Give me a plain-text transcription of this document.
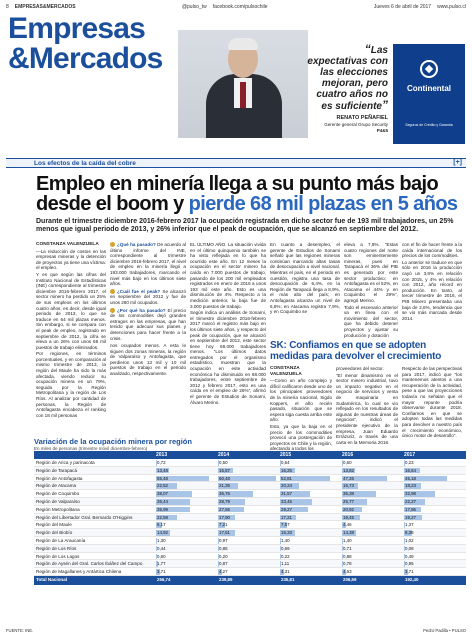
8 EMPRESAS&MERCADOS	@pulso_tw facebook.com/pulsochile	Jueves 6 de abril de 2017 www.pulso.cl
Empresas
&Mercados	“Las expectativas con las elecciones mejoran, pero cuatro años no es suficiente”
RENATO PEÑAFIEL
Gerente general Grupo Security
P4&5
Continental
Seguros de Crédito y Garantía
Los efectos de la caída del cobre	[+]
Empleo en minería llega a su punto más bajo desde el boom y pierde 68 mil plazas en 5 años
Durante el trimestre diciembre 2016-febrero 2017 la ocupación registrada en dicho sector fue de 193 mil trabajadores, un 25% menos que igual periodo de 2013, y 26% inferior que el peak de ocupación, que se alcanzó en septiembre del 2012.
CONSTANZA VALENZUELA

—La reducción de costos en las empresas mineras y la detención de proyectos ya tiene una víctima: el empleo.

Y es que según las cifras del Instituto Nacional de Estadísticas (INE) correspondiente al trimestre diciembre 2016-febrero 2017, el sector minero ha perdido un 25% de sus empleos en los últimos cuatro años, es decir, desde igual periodo de 2013, lo que se traduce en 64 mil plazas menos. Sin embargo, si se compara con el peak de empleo, registrado en septiembre de 2012, la cifra se eleva a un 26% con unos 68 mil puestos de trabajo eliminados.

Por regiones, en términos porcentuales, y en comparación al mismo trimestre de 2013, la región del Maule ha sido la más afectada, viendo reducir su ocupación minera en un 79%, seguida por la Región Metropolitana y la región de Los Ríos. Al analizar por cantidad de personas, la Región de Antofagasta encabeza el ranking con 18 mil personas

¿Qué ha pasado? De acuerdo al último informe del INE, correspondiente al trimestre diciembre 2016-febrero 2017, el nivel de empleo en la minería llegó a 193.000 trabajadores, marcando el nivel más bajo en los últimos siete años.

¿Cuál fue el peak? Se alcanzó en septiembre del 2012 y fue de unos 260 mil ocupados.

¿Por qué ha pasado? El precio de los commodities dejó grandes estragos en las empresas, que han tenido que adecuar sus planes y detenciones para hacer frente a la crisis.

nos ocupados menos. A esta le siguen dos zonas mineras, la región de Valparaíso y Antofagasta, que perdieron unos 13 mil y 10 mil puestos de trabajo en el periodo analizado, respectivamente.

EL ÚLTIMO AÑO. La situación vivida en el último quinquenio también se ha visto reflejada en lo que ha ocurrido este año. En 12 meses la ocupación en el sector minero ha caído en 7.000 puestos de trabajo, pasando de los 200 mil empleados registrados en enero de 2016 a unos 193 mil este año. Esto es una disminución de 4%. Respecto a la medición anterior, la baja fue de 3.000 puestos de trabajo.

Según indica un análisis de Sonami, el trimestre diciembre 2016-febrero 2017 marcó el registro más bajo en los últimos siete años, y respecto del peak de ocupación, que se alcanzó en septiembre del 2012, este sector tiene hoy 68.000 trabajadores menos. “Los últimos datos entregados por el organismo estadístico, muestran que la ocupación en este actividad económica ha disminuido en 68.000 trabajadores, entre septiembre de 2012 y febrero 2017, esto es una caída en el empleo de 26%”, afirmó el gerente de Estudios de Sonami, Álvaro Merino.

En cuanto a desempleo, el gerente de Estudios de Sonami señaló que las regiones mineras continúan marcando altas tasas de desocupación a nivel nacional. Mientras el país, en el periodo en cuestión, registra una tasa de desocupación de 6,4%, en la Región de Tarapacá llega a 8,9%, el más alto del país; en Antofagasta alcanza un nivel de 6,8%; en Atacama registra 7,9%, y en Coquimbo se

eleva a 7,8%. “Estas cuatro regiones del norte son eminentemente mineras, pues en Tarapacá el 36% del PIB es generado por este sector productivo; en Antofagasta es el 52%, en Atacama el 44% y en Coquimbo el 29%”, agregó Merino.

Todo el escenario anterior va en línea con el movimiento del sector, que ha debido detener proyectos y ajustar su producción y dotación

con el fin de hacer frente a la caída internacional de los precios de los commodities.

Lo anterior se traduce en que sólo en 2016 la producción cayó un 3,8% en relación con 2015, y 4% en relación con 2012, año récord en producción. En tanto, al tercer trimestre de 2016, el PIB Minero presentaba una baja de 2,8%, tendencia que se vio más marcada desde 2014.

SK: Confiamos en que se adopten medidas para devolver el crecimiento
CONSTANZA VALENZUELA

—Como un año complejo y difícil calificaron desde uno de los principales proveedores de la minería nacional, Sigdo Koppers, el año recién pasado, situación que se espera siga cuesta arriba este año.

Esto, ya que la baja en el precio de los commodities provocó una postergación de proyectos en Chile y la región, afectando a todos los

proveedores del sector.

“El menor dinamismo en el sector minero industrial, tuvo un impacto negativo en el negocio de servicios y venta de maquinaria en Sudamérica, lo cual se vio reflejado en los resultados de algunas de nuestras áreas de negocios”, indicó el presidente ejecutivo de la empresa, Juan Eduardo Errázuriz, a través de una carta en la Memoria 2016.

Respecto de las perspectivas para 2017, indicó que “los mantenemos atentos a una recuperación de la actividad, pese a que las proyecciones todavía no señalan que el mayor repunte podría observarse durante 2018. Confiamos en que se adopten todas las medidas para devolver a nuestro país el crecimiento económico, único motor de desarrollo”.

Variación de la ocupación minera por región
En miles de personas (trimestre móvil diciembre-febrero)
2013	2014	2015	2016	2017
Región de Arica y parinacota	0,72	0,50	0,64	0,60	0,23
Región de Tarapacá	13,48	15,67	16,25	13,82	16,64
Región de Antofagasta	55,48	60,48	52,81	47,26	45,18
Región de Atacama	22,52	21,35	20,24	16,73	18,23
Región de Coquimbo	38,07	36,76	31,57	35,38	32,98
Región de Valparaíso	35,44	28,79	33,45	25,77	22,27
Región Metropolitana	35,99	27,55	29,27	20,92	17,86
Región del Libertador Gral. Bernardo O'Higgins	22,59	17,90	17,21	19,45	19,27
Región del Maule	6,17	7,21	7,57	4,46	1,37
Región del Biobío	14,92	17,51	15,33	14,38	8,38
Región de La Araucanía	1,30	0,97	1,40	1,40	1,02
Región de Los Ríos	0,44	0,85	0,69	0,71	0,08
Región de Los Lagos	0,60	0,20	0,22	0,88	0,49
Región de Aysén del Gral. Carlos Ibáñez del Campo	1,77	0,87	1,11	0,78	0,95
Región de Magallanes y Antártica Chilena	3,71	4,27	4,31	4,63	3,71
Total Nacional	256,74	239,89	235,81	206,59	192,40
FUENTE: INE.	Pedro Padilla • PULSO
